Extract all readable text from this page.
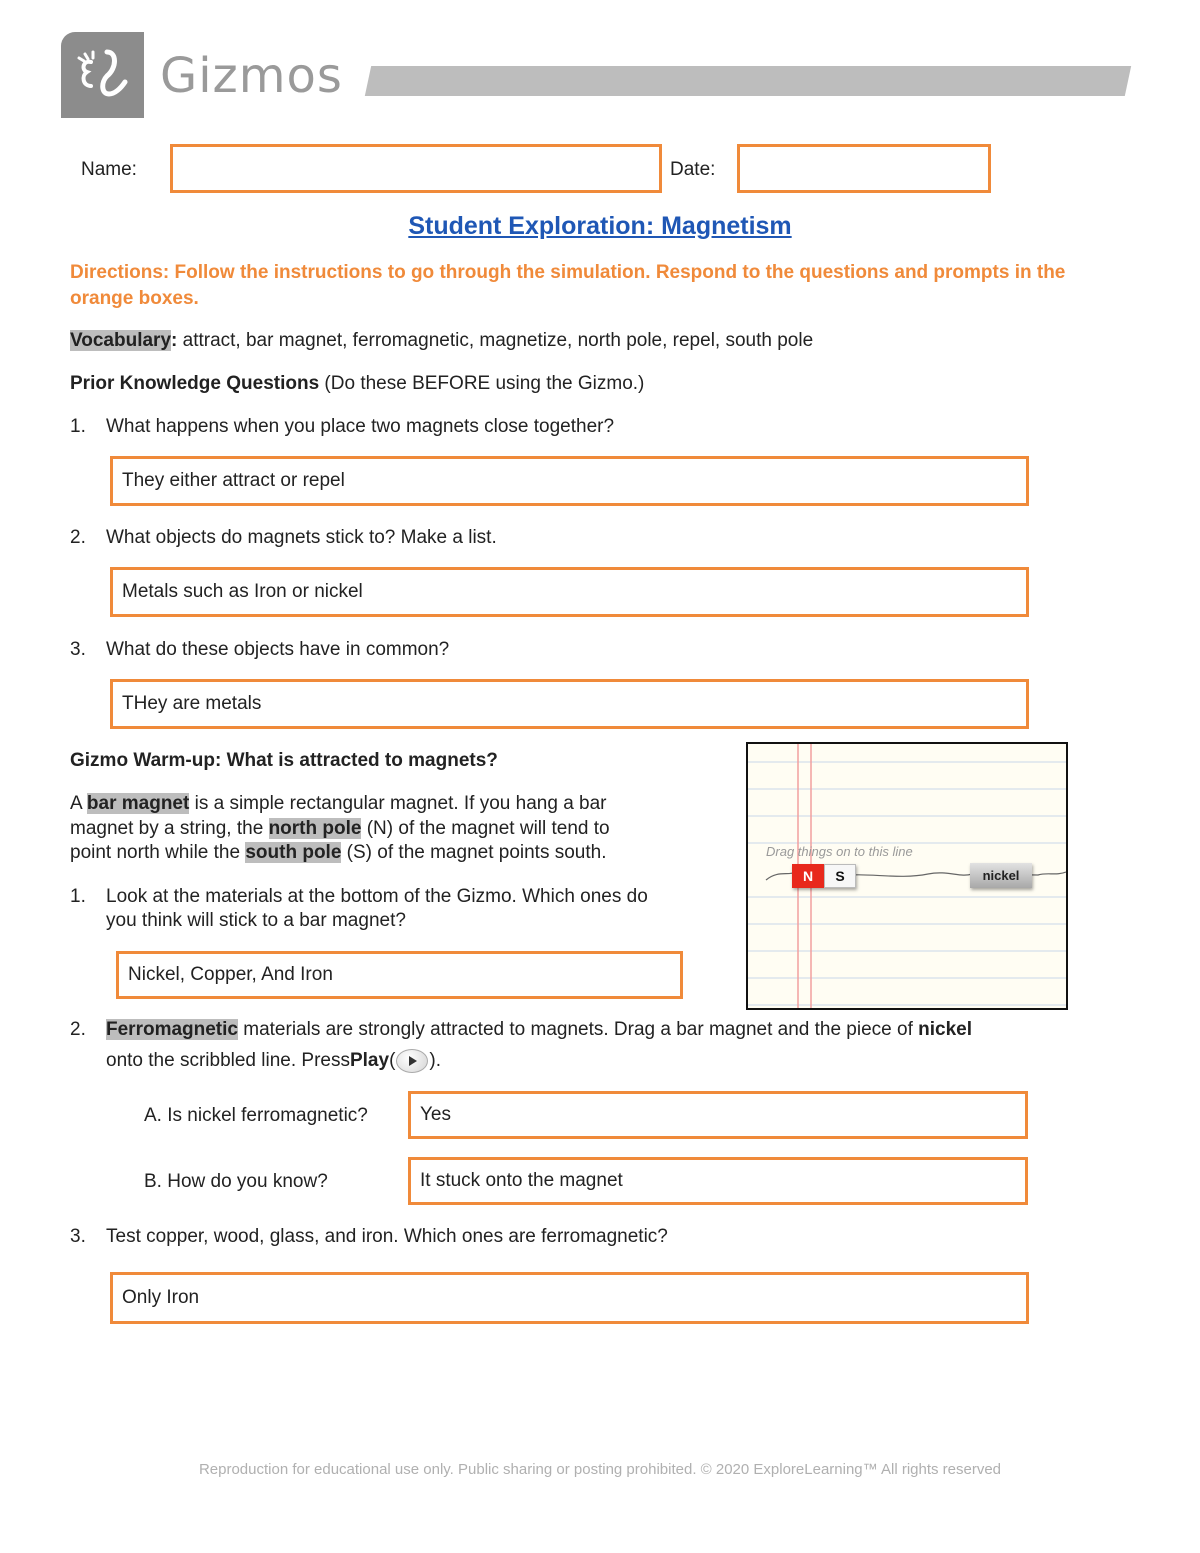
Gizmos
Name:	Date:
Student Exploration: Magnetism
Directions: Follow the instructions to go through the simulation. Respond to the questions and prompts in the orange boxes.
Vocabulary: attract, bar magnet, ferromagnetic, magnetize, north pole, repel, south pole
Prior Knowledge Questions (Do these BEFORE using the Gizmo.)
1. What happens when you place two magnets close together?
They either attract or repel
2. What objects do magnets stick to? Make a list.
Metals such as Iron or nickel
3. What do these objects have in common?
THey are metals
Gizmo Warm-up: What is attracted to magnets?
A bar magnet is a simple rectangular magnet. If you hang a bar
magnet by a string, the north pole (N) of the magnet will tend to
point north while the south pole (S) of the magnet points south.
1. Look at the materials at the bottom of the Gizmo. Which ones do
you think will stick to a bar magnet?
Nickel, Copper, And Iron
Drag things on to this line
N	S	nickel
2. Ferromagnetic materials are strongly attracted to magnets. Drag a bar magnet and the piece of nickel
onto the scribbled line. Press Play ( ).
A. Is nickel ferromagnetic?	Yes
B. How do you know?	It stuck onto the magnet
3. Test copper, wood, glass, and iron. Which ones are ferromagnetic?
Only Iron
Reproduction for educational use only. Public sharing or posting prohibited. © 2020 ExploreLearning™ All rights reserved
